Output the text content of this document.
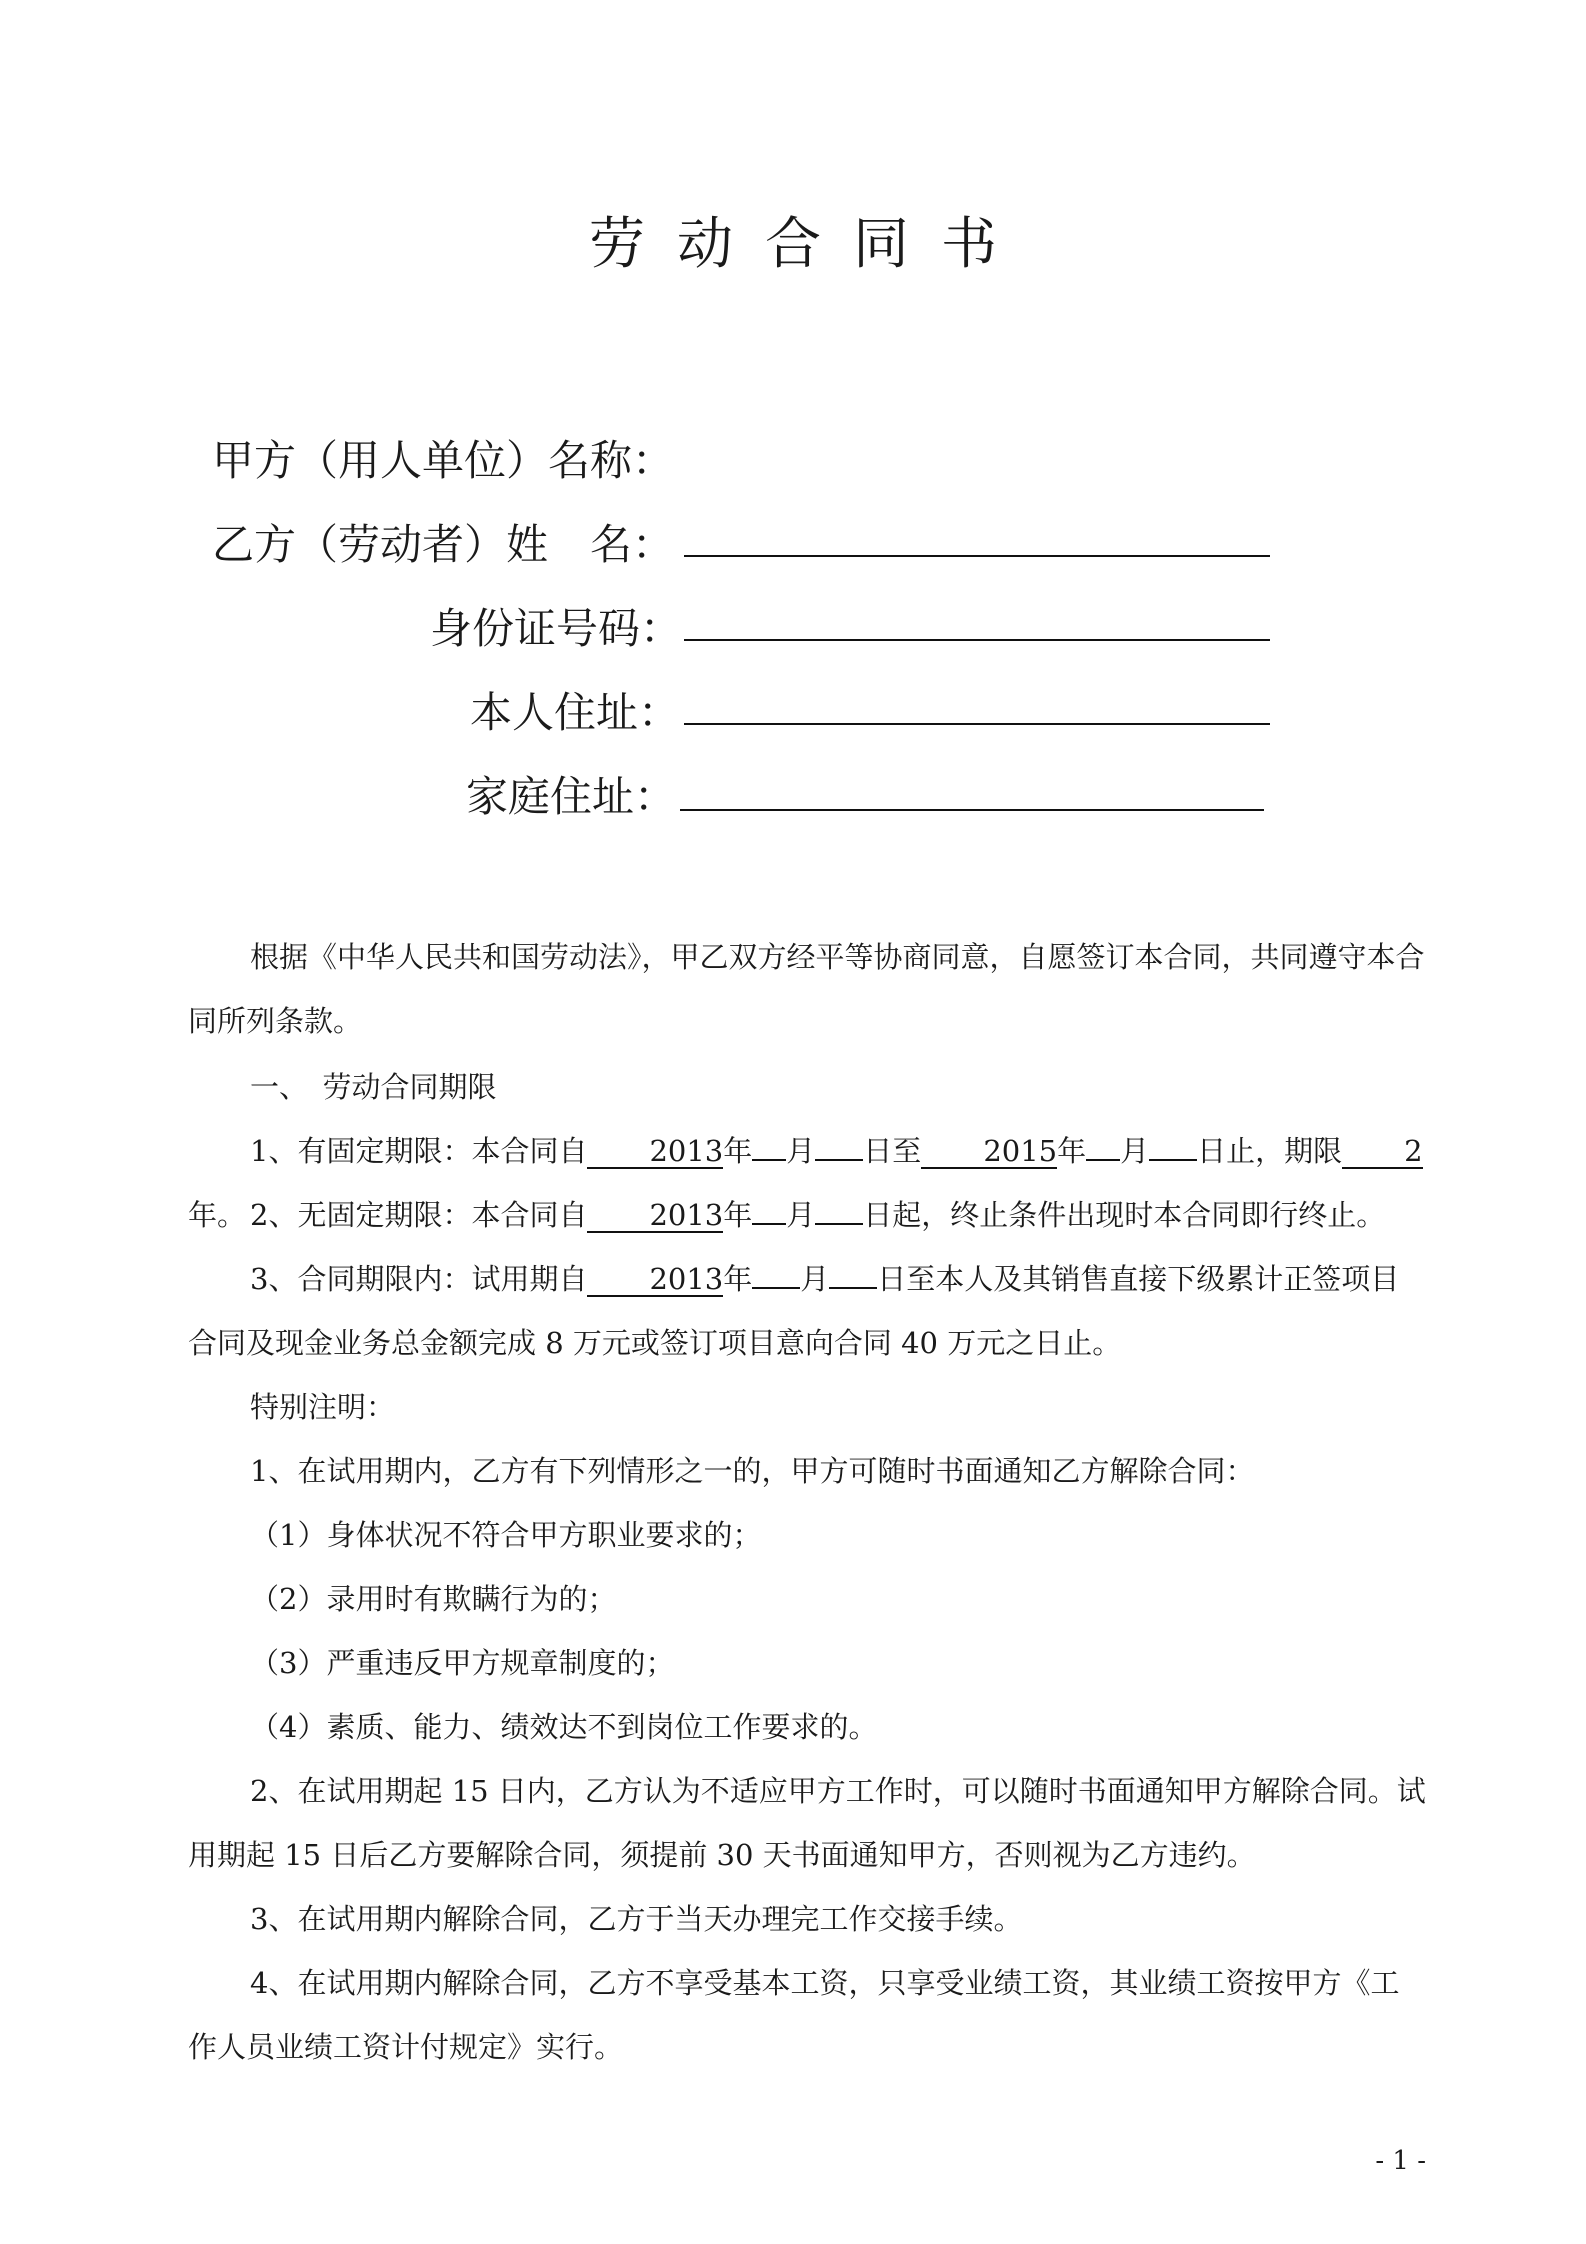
劳动合同书
甲方（用人单位）名称：
乙方（劳动者）姓　名：
身份证号码：
本人住址：
家庭住址：
根据《中华人民共和国劳动法》，甲乙双方经平等协商同意，自愿签订本合同，共同遵守本合同所列条款。
一、　劳动合同期限
1、有固定期限：本合同自 2013年 月 日至 2015年 月 日止，期限 2年。 2、无固定期限：本合同自 2013年 月 日起，终止条件出现时本合同即行终止。
3、合同期限内：试用期自 2013年 月 日至本人及其销售直接下级累计正签项目合同及现金业务总金额完成 8 万元或签订项目意向合同 40 万元之日止。
特别注明：
1、在试用期内，乙方有下列情形之一的，甲方可随时书面通知乙方解除合同：
（1）身体状况不符合甲方职业要求的；
（2）录用时有欺瞒行为的；
（3）严重违反甲方规章制度的；
（4）素质、能力、绩效达不到岗位工作要求的。
2、在试用期起 15 日内，乙方认为不适应甲方工作时，可以随时书面通知甲方解除合同。试用期起 15 日后乙方要解除合同，须提前 30 天书面通知甲方，否则视为乙方违约。
3、在试用期内解除合同，乙方于当天办理完工作交接手续。
4、在试用期内解除合同，乙方不享受基本工资，只享受业绩工资，其业绩工资按甲方《工作人员业绩工资计付规定》实行。
- 1 -
